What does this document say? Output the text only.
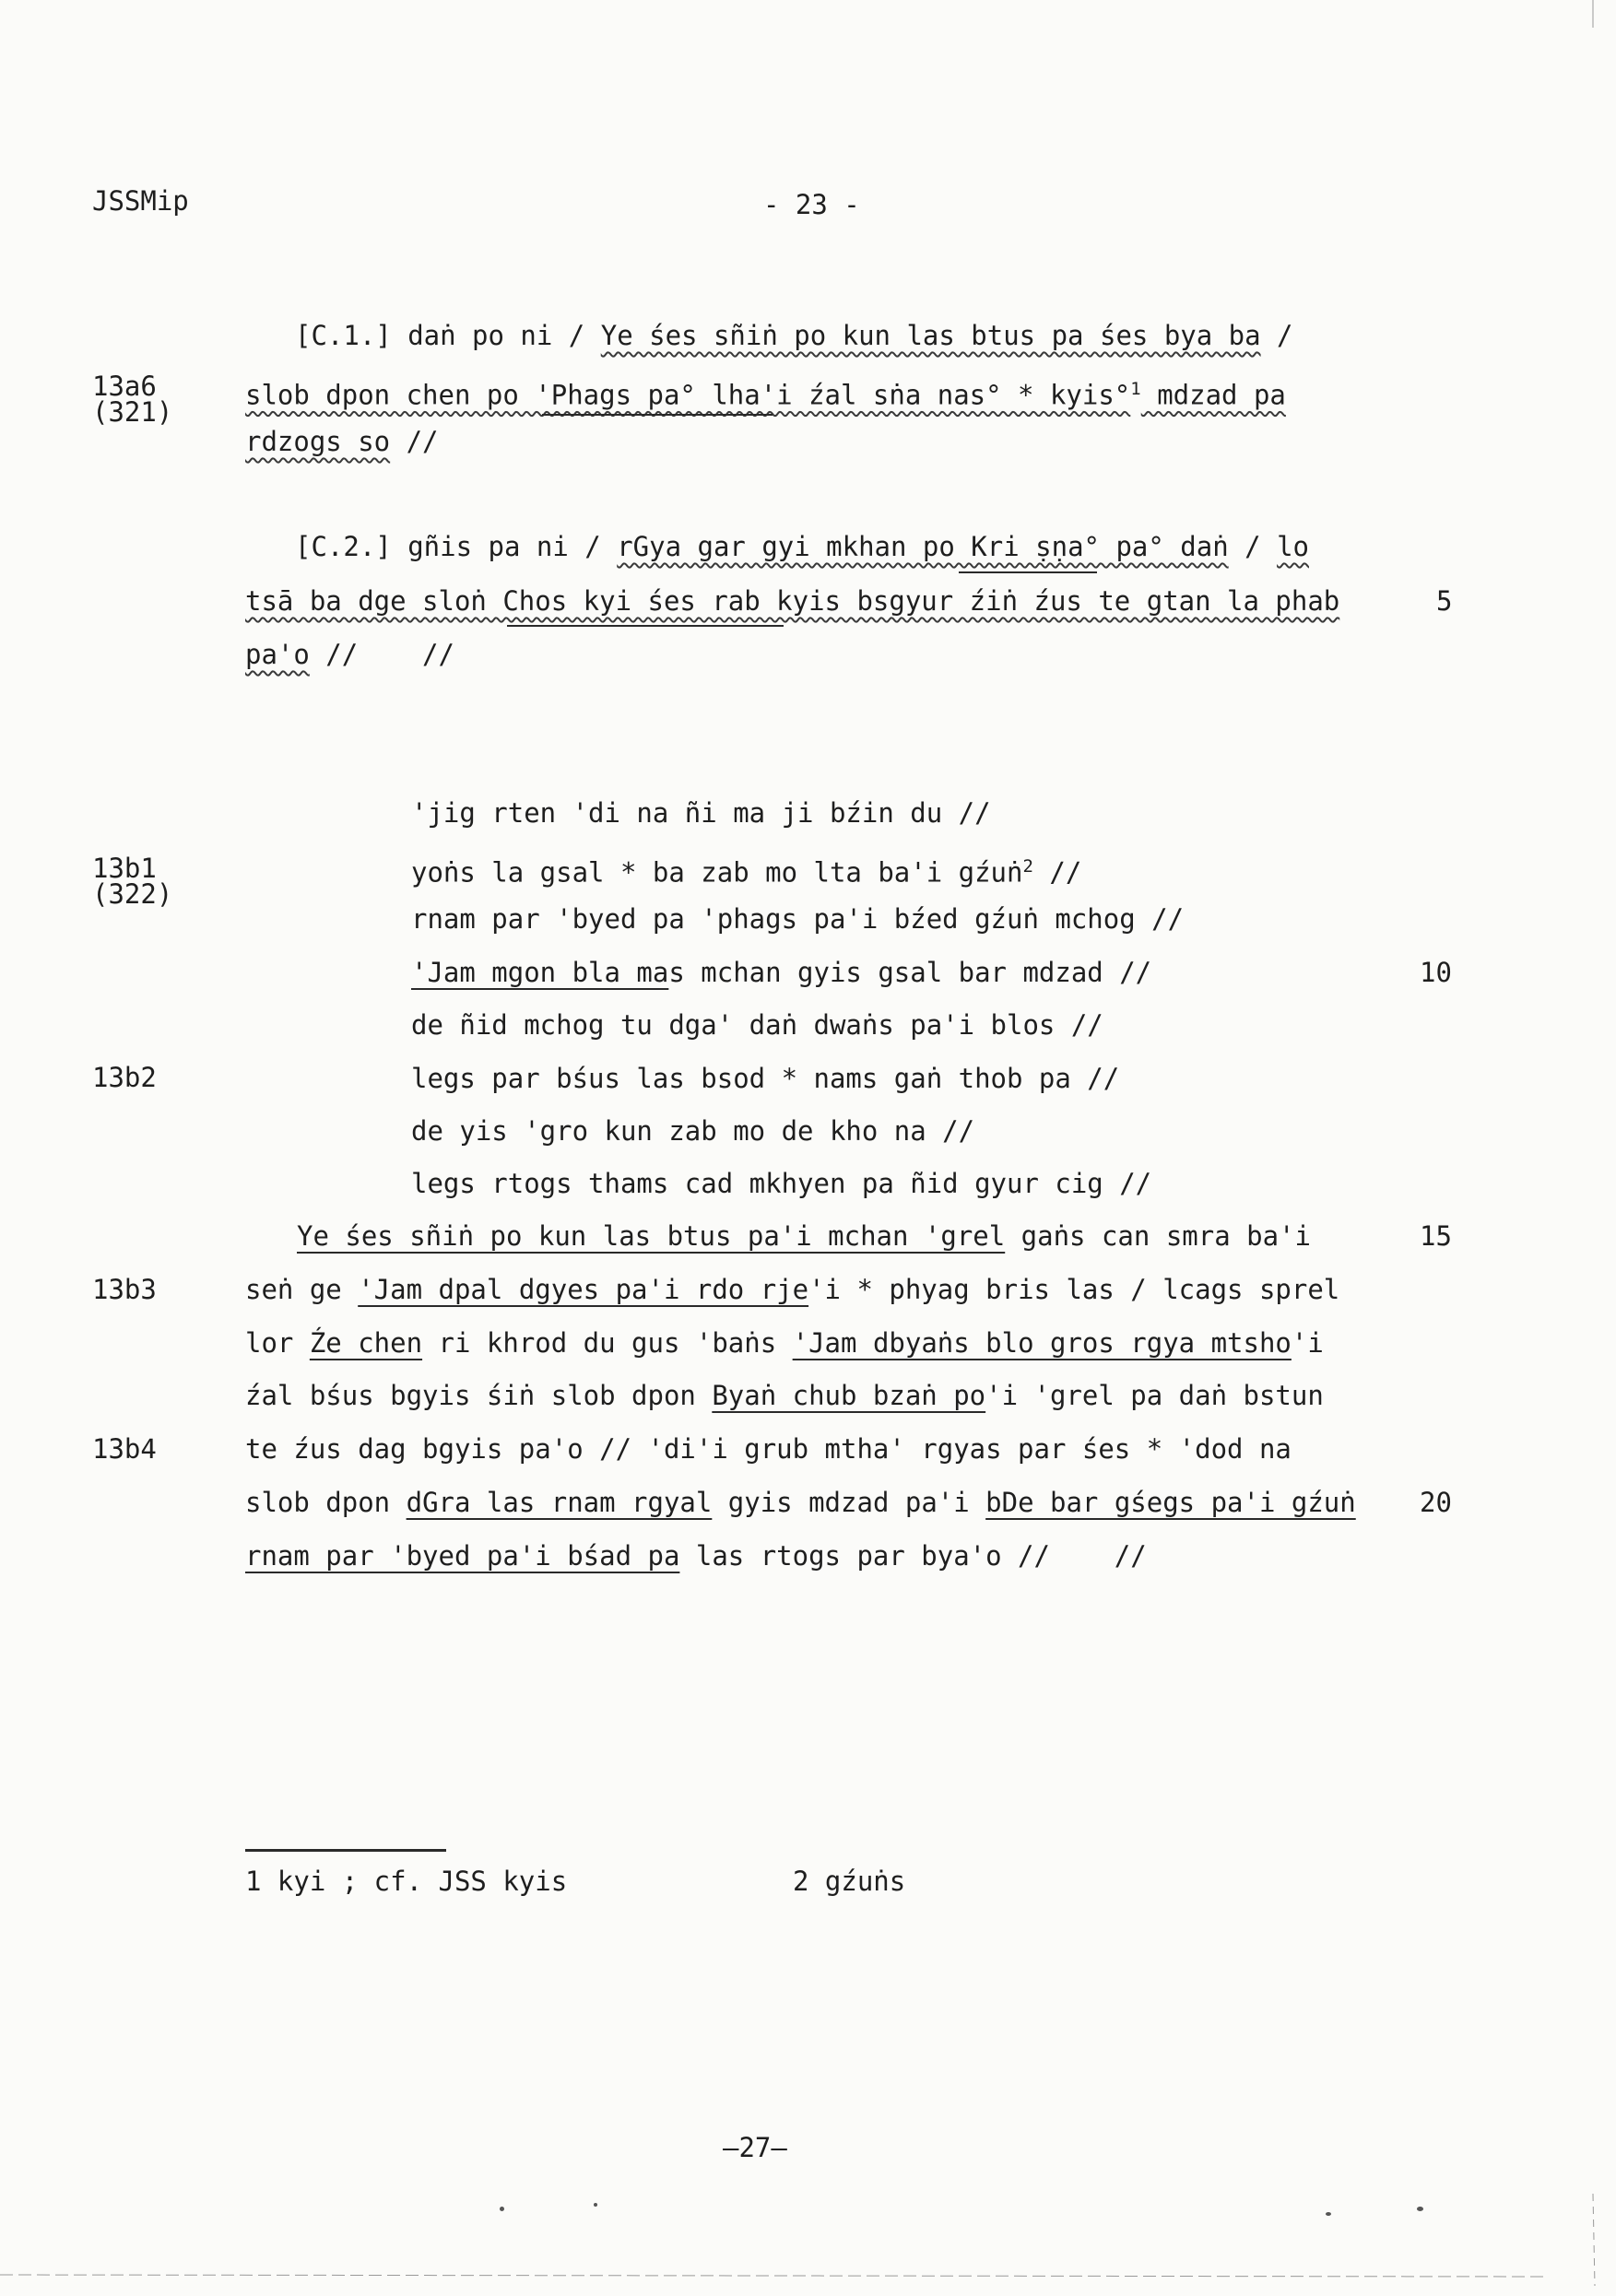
JSSMip	- 23 -
13a6
(321)
13b1
(322)
13b2
13b3
13b4
5
10
15
20
[C.1.] daṅ po ni / Ye śes sñiṅ po kun las btus pa śes bya ba /
slob dpon chen po 'Phags pa° lha'i źal sṅa nas° * kyis°$^1$ mdzad pa
rdzogs so //
[C.2.] gñis pa ni / rGya gar gyi mkhan po Kri ṣṇa° pa° daṅ / lo
tsā ba dge sloṅ Chos kyi śes rab kyis bsgyur źiṅ źus te gtan la phab
pa'o //    //
'jig rten 'di na ñi ma ji bźin du //
yoṅs la gsal * ba zab mo lta ba'i gźuṅ$^2$ //
rnam par 'byed pa 'phags pa'i bźed gźuṅ mchog //
'Jam mgon bla mas mchan gyis gsal bar mdzad //
de ñid mchog tu dga' daṅ dwaṅs pa'i blos //
legs par bśus las bsod * nams gaṅ thob pa //
de yis 'gro kun zab mo de kho na //
legs rtogs thams cad mkhyen pa ñid gyur cig //
Ye śes sñiṅ po kun las btus pa'i mchan 'grel gaṅs can smra ba'i
seṅ ge 'Jam dpal dgyes pa'i rdo rje'i * phyag bris las / lcags sprel
lor Źe chen ri khrod du gus 'baṅs 'Jam dbyaṅs blo gros rgya mtsho'i
źal bśus bgyis śiṅ slob dpon Byaṅ chub bzaṅ po'i 'grel pa daṅ bstun
te źus dag bgyis pa'o // 'di'i grub mtha' rgyas par śes * 'dod na
slob dpon dGra las rnam rgyal gyis mdzad pa'i bDe bar gśegs pa'i gźuṅ
rnam par 'byed pa'i bśad pa las rtogs par bya'o //    //
1 kyi ; cf. JSS kyis	2 gźuṅs
—27—
